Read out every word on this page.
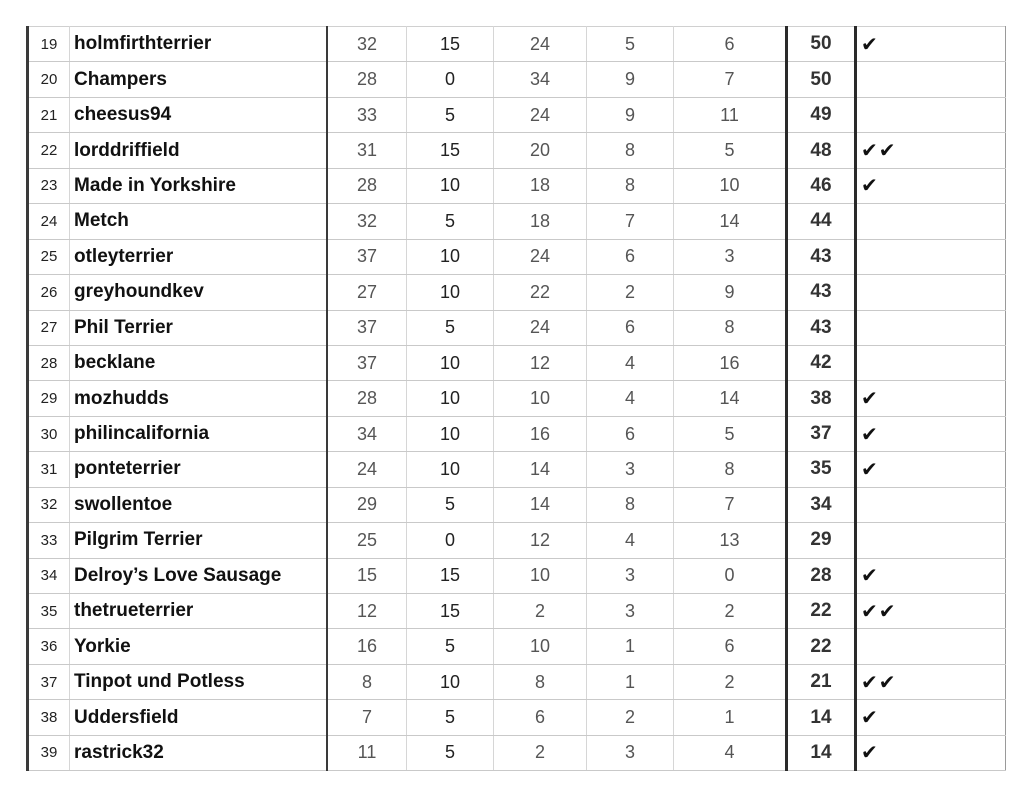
19	holmfirthterrier	32	15	24	5	6	50	✔
20	Champers	28	0	34	9	7	50	
21	cheesus94	33	5	24	9	11	49	
22	lorddriffield	31	15	20	8	5	48	✔✔
23	Made in Yorkshire	28	10	18	8	10	46	✔
24	Metch	32	5	18	7	14	44	
25	otleyterrier	37	10	24	6	3	43	
26	greyhoundkev	27	10	22	2	9	43	
27	Phil Terrier	37	5	24	6	8	43	
28	becklane	37	10	12	4	16	42	
29	mozhudds	28	10	10	4	14	38	✔
30	philincalifornia	34	10	16	6	5	37	✔
31	ponteterrier	24	10	14	3	8	35	✔
32	swollentoe	29	5	14	8	7	34	
33	Pilgrim Terrier	25	0	12	4	13	29	
34	Delroy’s Love Sausage	15	15	10	3	0	28	✔
35	thetrueterrier	12	15	2	3	2	22	✔✔
36	Yorkie	16	5	10	1	6	22	
37	Tinpot und Potless	8	10	8	1	2	21	✔✔
38	Uddersfield	7	5	6	2	1	14	✔
39	rastrick32	11	5	2	3	4	14	✔
